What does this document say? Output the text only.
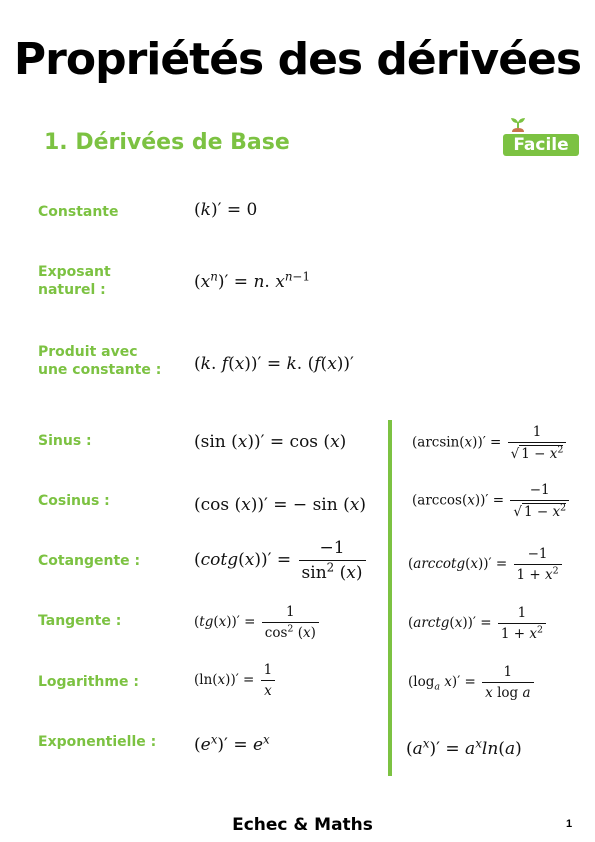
Propriétés des dérivées
1. Dérivées de Base	Facile
Constante
Exposant
naturel :
Produit avec
une constante :
Sinus :
Cosinus :
Cotangente :
Tangente :
Logarithme :
Exponentielle :
(k)′ = 0
$(x^n)' = n$. $x^{n-1}$
(k. f(x))′ = k. (f(x))′
(sin (x))′ = cos (x)
(cos (x))′ = − sin (x)
$(\cot g(x))' = \frac{-1}{\sin^2 (x)}$
$(tg(x))' = \frac{1}{\cos^2 (x)}$
$(\ln(x))' = \frac{1}{x}$
$(e^x)' = e^x$
$(\arcsin(x))' = \frac{1}{√ 1 - x^2}$
$(\arccos(x))' = \frac{-1}{√ 1 - x^2}$
$(arccotg(x))' = \frac{-1}{1 + x^2}$
(arctg(x))′ = $\frac{1}{1 + x^2}$
($\log_a$ $x)' = \frac{1}{\text{x log a}}$
$(a^x)' = a^x\ln(a)$
Echec & Maths	1
